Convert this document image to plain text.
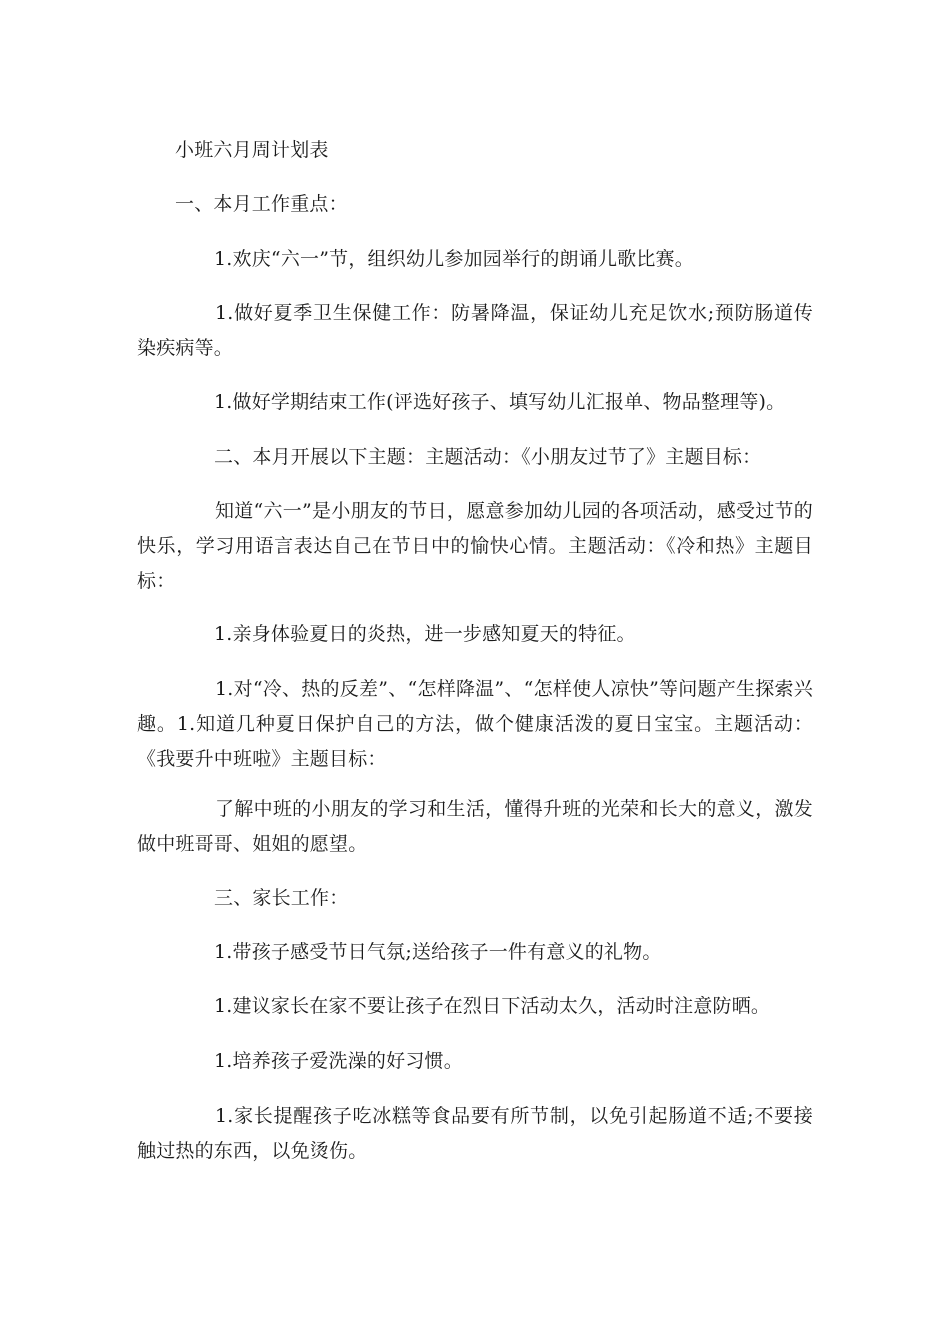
小班六月周计划表
一、本月工作重点：
1.欢庆“六一”节，组织幼儿参加园举行的朗诵儿歌比赛。
1.做好夏季卫生保健工作：防暑降温，保证幼儿充足饮水;预防肠道传染疾病等。
1.做好学期结束工作(评选好孩子、填写幼儿汇报单、物品整理等)。
二、本月开展以下主题：主题活动：《小朋友过节了》主题目标：
知道“六一”是小朋友的节日，愿意参加幼儿园的各项活动，感受过节的快乐，学习用语言表达自己在节日中的愉快心情。主题活动：《冷和热》主题目标：
1.亲身体验夏日的炎热，进一步感知夏天的特征。
1.对“冷、热的反差”、“怎样降温”、“怎样使人凉快”等问题产生探索兴趣。1.知道几种夏日保护自己的方法，做个健康活泼的夏日宝宝。主题活动：《我要升中班啦》主题目标：
了解中班的小朋友的学习和生活，懂得升班的光荣和长大的意义，激发做中班哥哥、姐姐的愿望。
三、家长工作：
1.带孩子感受节日气氛;送给孩子一件有意义的礼物。
1.建议家长在家不要让孩子在烈日下活动太久，活动时注意防晒。
1.培养孩子爱洗澡的好习惯。
1.家长提醒孩子吃冰糕等食品要有所节制，以免引起肠道不适;不要接触过热的东西，以免烫伤。
